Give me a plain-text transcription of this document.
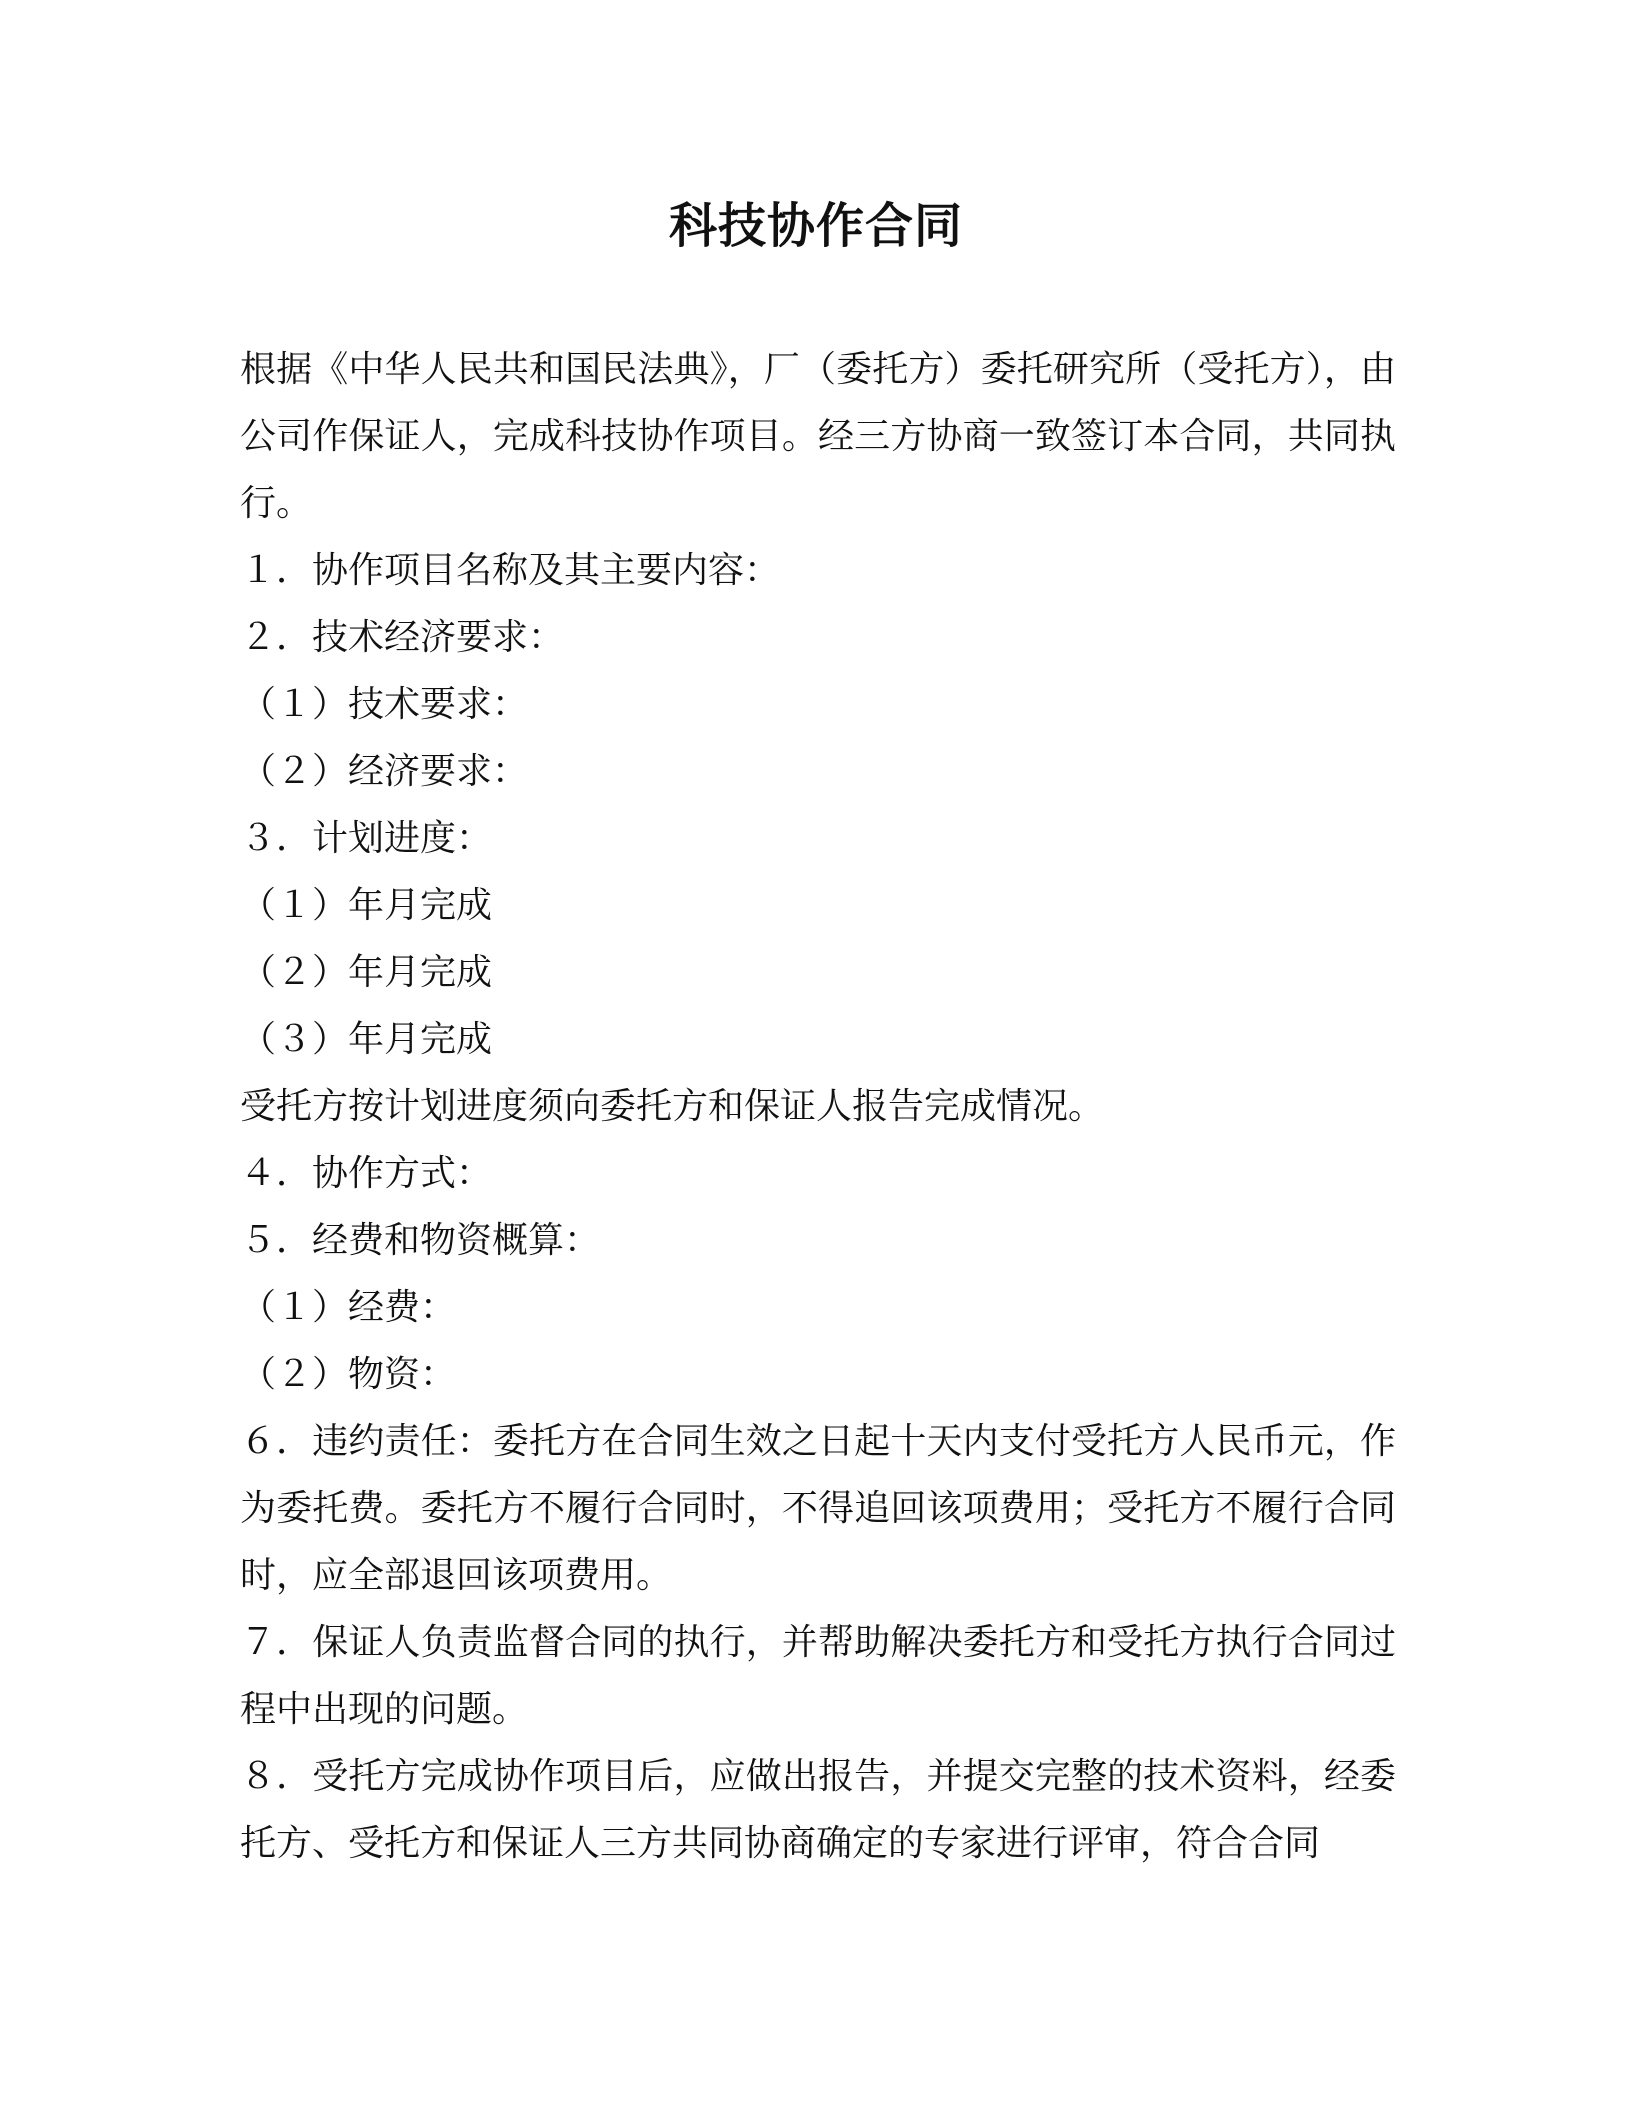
科技协作合同
根据《中华人民共和国民法典》，厂（委托方）委托研究所（受托方），由公司作保证人，完成科技协作项目。经三方协商一致签订本合同，共同执行。
１．协作项目名称及其主要内容：
２．技术经济要求：
（１）技术要求：
（２）经济要求：
３．计划进度：
（１）年月完成
（２）年月完成
（３）年月完成
受托方按计划进度须向委托方和保证人报告完成情况。
４．协作方式：
５．经费和物资概算：
（１）经费：
（２）物资：
６．违约责任：委托方在合同生效之日起十天内支付受托方人民币元，作为委托费。委托方不履行合同时，不得追回该项费用；受托方不履行合同时，应全部退回该项费用。
７．保证人负责监督合同的执行，并帮助解决委托方和受托方执行合同过程中出现的问题。
８．受托方完成协作项目后，应做出报告，并提交完整的技术资料，经委托方、受托方和保证人三方共同协商确定的专家进行评审，符合合同
